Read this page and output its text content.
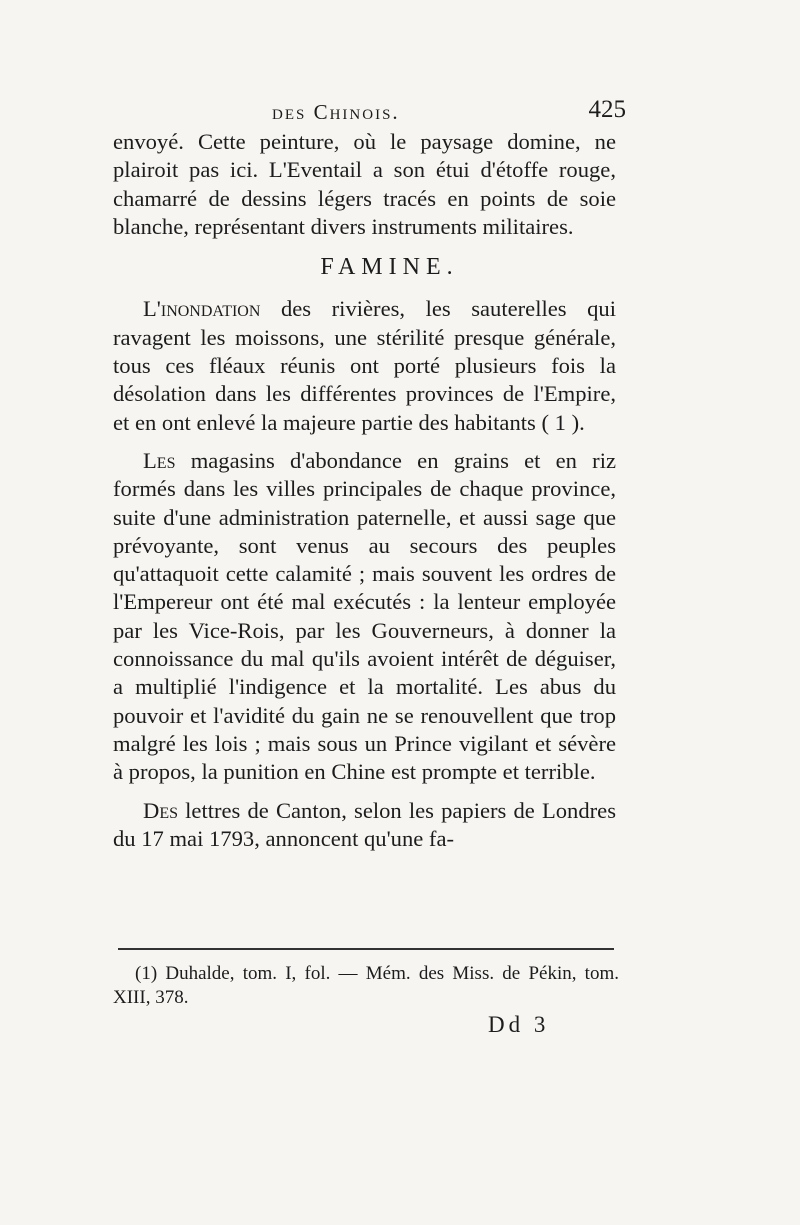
des Chinois.	425

envoyé. Cette peinture, où le paysage domine, ne plairoit pas ici. L'Eventail a son étui d'étoffe rouge, chamarré de dessins légers tracés en points de soie blanche, représentant divers instruments militaires.

FAMINE.

L'inondation des rivières, les sauterelles qui ravagent les moissons, une stérilité presque générale, tous ces fléaux réunis ont porté plusieurs fois la désolation dans les différentes provinces de l'Empire, et en ont enlevé la majeure partie des habitants ( 1 ).

Les magasins d'abondance en grains et en riz formés dans les villes principales de chaque province, suite d'une administration paternelle, et aussi sage que prévoyante, sont venus au secours des peuples qu'attaquoit cette calamité ; mais souvent les ordres de l'Empereur ont été mal exécutés : la lenteur employée par les Vice-Rois, par les Gouverneurs, à donner la connoissance du mal qu'ils avoient intérêt de déguiser, a multiplié l'indigence et la mortalité. Les abus du pouvoir et l'avidité du gain ne se renouvellent que trop malgré les lois ; mais sous un Prince vigilant et sévère à propos, la punition en Chine est prompte et terrible.

Des lettres de Canton, selon les papiers de Londres du 17 mai 1793, annoncent qu'une fa-

(1) Duhalde, tom. I, fol. — Mém. des Miss. de Pékin, tom. XIII, 378.
Dd 3
